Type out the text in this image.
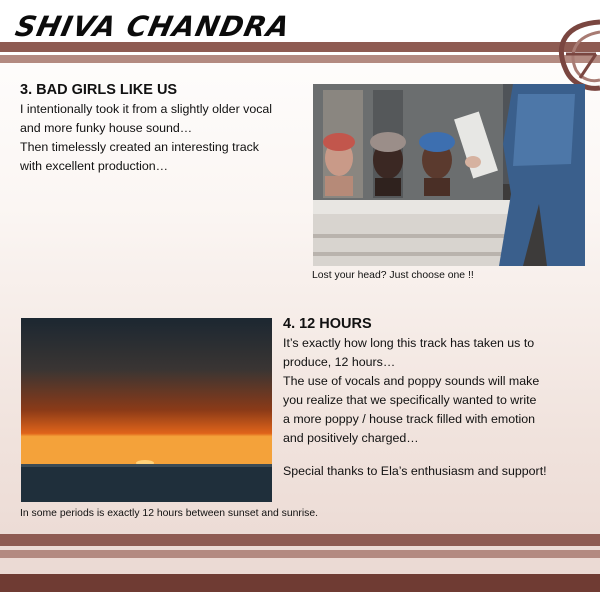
SHIVA CHANDRA
3. BAD GIRLS LIKE US

I intentionally took it from a slightly older vocal

and more funky house sound…

Then timelessly created an interesting track

with excellent production…

Lost your head? Just choose one !!
4. 12 HOURS

It’s exactly how long this track has taken us to

produce, 12 hours…

The use of vocals and poppy sounds will make

you realize that we specifically wanted to write

a more poppy / house track filled with emotion

and positively charged…

Special thanks to Ela’s enthusiasm and support!

In some periods is exactly 12 hours between sunset and sunrise.
